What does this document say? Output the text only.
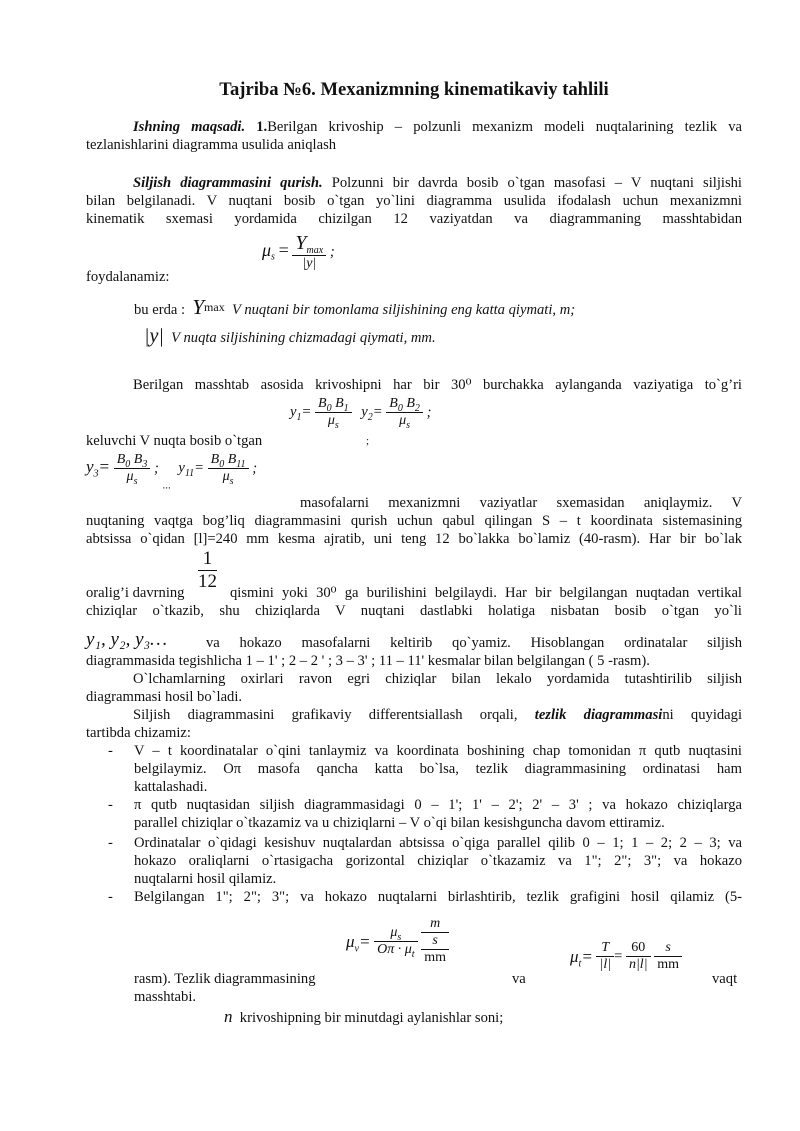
Tajriba №6. Mexanizmning kinematikaviy tahlili
Ishning maqsadi. 1.Berilgan krivoship – polzunli mexanizm modeli nuqtalarining tezlik va
tezlanishlarini diagramma usulida aniqlash
Siljish diagrammasini qurish. Polzunni bir davrda bosib o`tgan masofasi – V nuqtani siljishi
bilan belgilanadi. V nuqtani bosib o`tgan yo`lini diagramma usulida ifodalash uchun mexanizmni
kinematik sxemasi yordamida chizilgan 12 vaziyatdan va diagrammaning masshtabidan
$\mu_s = \frac{Y_{max}}{|y|}$ ;
foydalanamiz:
bu erda : $Y^{max}$ V nuqtani bir tomonlama siljishining eng katta qiymati, m;
|y| V nuqta siljishining chizmadagi qiymati, mm.
Berilgan masshtab asosida krivoshipni har bir 30⁰ burchakka aylanganda vaziyatiga to`g’ri
$y_1= \frac{B_0 B_1}{\mu_s} y_2= \frac{B_0 B_2}{\mu_s}$ ;
keluvchi V nuqta bosib o`tgan	;
$y_3= \frac{B_0 B_3}{\mu_s}$ ; $_{...}$ $y_{11}= \frac{B_0 B_{11}}{\mu_s}$ ;
masofalarni mexanizmni vaziyatlar sxemasidan aniqlaymiz. V
nuqtaning vaqtga bog’liq diagrammasini qurish uchun qabul qilingan S – t koordinata sistemasining
abtsissa o`qidan [l]=240 mm kesma ajratib, uni teng 12 bo`lakka bo`lamiz (40-rasm). Har bir bo`lak
1
12
oralig’i davrning	qismini yoki 30⁰ ga burilishini belgilaydi. Har bir belgilangan nuqtadan vertikal
chiziqlar o`tkazib, shu chiziqlarda V nuqtani dastlabki holatiga nisbatan bosib o`tgan yo`li
y₁, y₂, y₃…	va hokazo masofalarni keltirib qo`yamiz. Hisoblangan ordinatalar siljish
diagrammasida tegishlicha 1 – 1' ; 2 – 2 ' ; 3 – 3' ; 11 – 11' kesmalar bilan belgilangan ( 5 -rasm).
O`lchamlarning oxirlari ravon egri chiziqlar bilan lekalo yordamida tutashtirilib siljish
diagrammasi hosil bo`ladi.
Siljish diagrammasini grafikaviy differentsiallash orqali, tezlik diagrammasini quyidagi
tartibda chizamiz:
- V – t koordinatalar o`qini tanlaymiz va koordinata boshining chap tomonidan π qutb nuqtasini
belgilaymiz. Oπ masofa qancha katta bo`lsa, tezlik diagrammasining ordinatasi ham
kattalashadi.
- π qutb nuqtasidan siljish diagrammasidagi 0 – 1'; 1' – 2'; 2' – 3' ; va hokazo chiziqlarga
parallel chiziqlar o`tkazamiz va u chiziqlarni – V o`qi bilan kesishguncha davom ettiramiz.
- Ordinatalar o`qidagi kesishuv nuqtalardan abtsissa o`qiga parallel qilib 0 – 1; 1 – 2; 2 – 3; va
hokazo oraliqlarni o`rtasigacha gorizontal chiziqlar o`tkazamiz va 1"; 2"; 3"; va hokazo
nuqtalarni hosil qilamiz.
- Belgilangan 1"; 2"; 3"; va hokazo nuqtalarni birlashtirib, tezlik grafigini hosil qilamiz (5-
$\mu_v= \frac{\mu_s}{O\pi \cdot \mu_t}$

m
s
mm
rasm). Tezlik diagrammasining	va
$\mu_t= \frac{T}{|l|} = \frac{60}{n|l|}$
$\frac{s}{mm}$
vaqt
masshtabi.
n krivoshipning bir minutdagi aylanishlar soni;
